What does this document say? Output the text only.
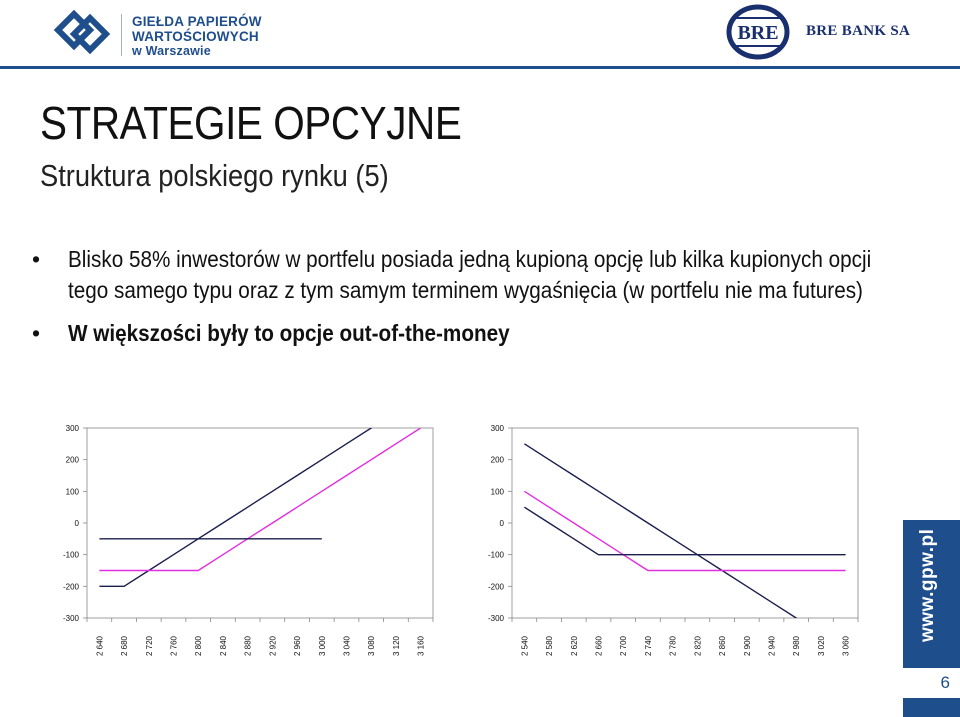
GIEŁDA PAPIERÓW
WARTOŚCIOWYCH
w Warszawie
BRE BRE BANK SA
STRATEGIE OPCYJNE
Struktura polskiego rynku (5)
• Blisko 58% inwestorów w portfelu posiada jedną kupioną opcję lub kilka kupionych opcji tego samego typu oraz z tym samym terminem wygaśnięcia (w portfelu nie ma futures)
• W większości były to opcje out-of-the-money
300
200
100
0
-100
-200
-300
2 640 2 680 2 720 2 760 2 800 2 840 2 880 2 920 2 960 3 000 3 040 3 080 3 120 3 160
300
200
100
0
-100
-200
-300
2 540 2 580 2 620 2 660 2 700 2 740 2 780 2 820 2 860 2 900 2 940 2 980 3 020 3 060
www.gpw.pl
6
